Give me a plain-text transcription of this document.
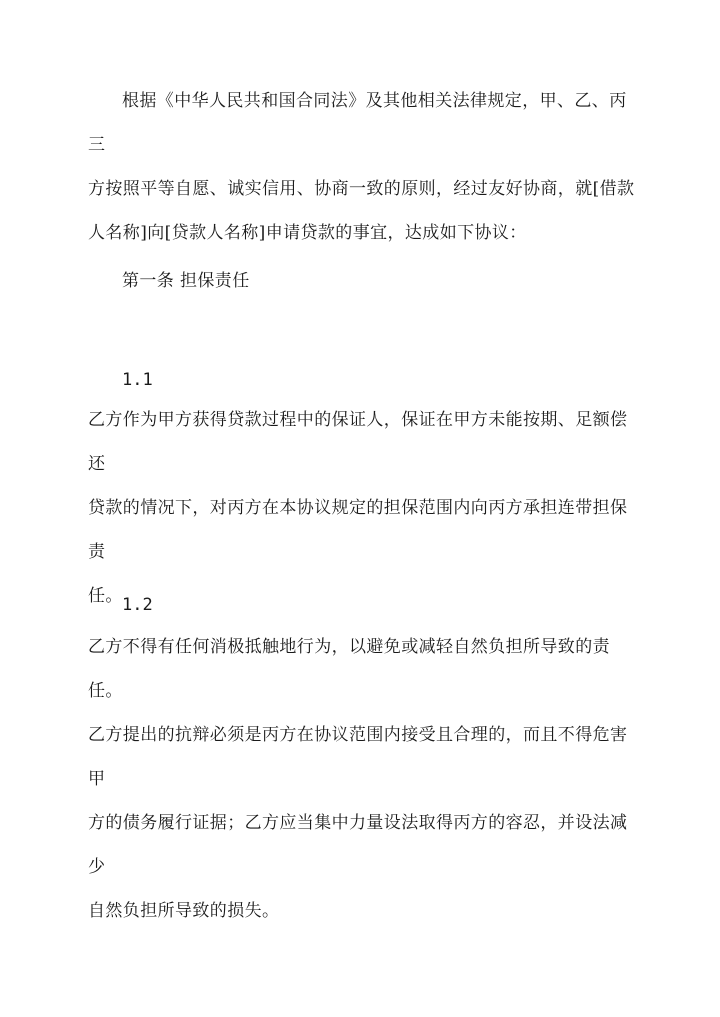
根据《中华人民共和国合同法》及其他相关法律规定，甲、乙、丙三
方按照平等自愿、诚实信用、协商一致的原则，经过友好协商，就[借款
人名称]向[贷款人名称]申请贷款的事宜，达成如下协议：

第一条 担保责任

1.1

乙方作为甲方获得贷款过程中的保证人，保证在甲方未能按期、足额偿还
贷款的情况下，对丙方在本协议规定的担保范围内向丙方承担连带担保责
任。 1.2

乙方不得有任何消极抵触地行为，以避免或减轻自然负担所导致的责任。
乙方提出的抗辩必须是丙方在协议范围内接受且合理的，而且不得危害甲
方的债务履行证据；乙方应当集中力量设法取得丙方的容忍，并设法减少
自然负担所导致的损失。
